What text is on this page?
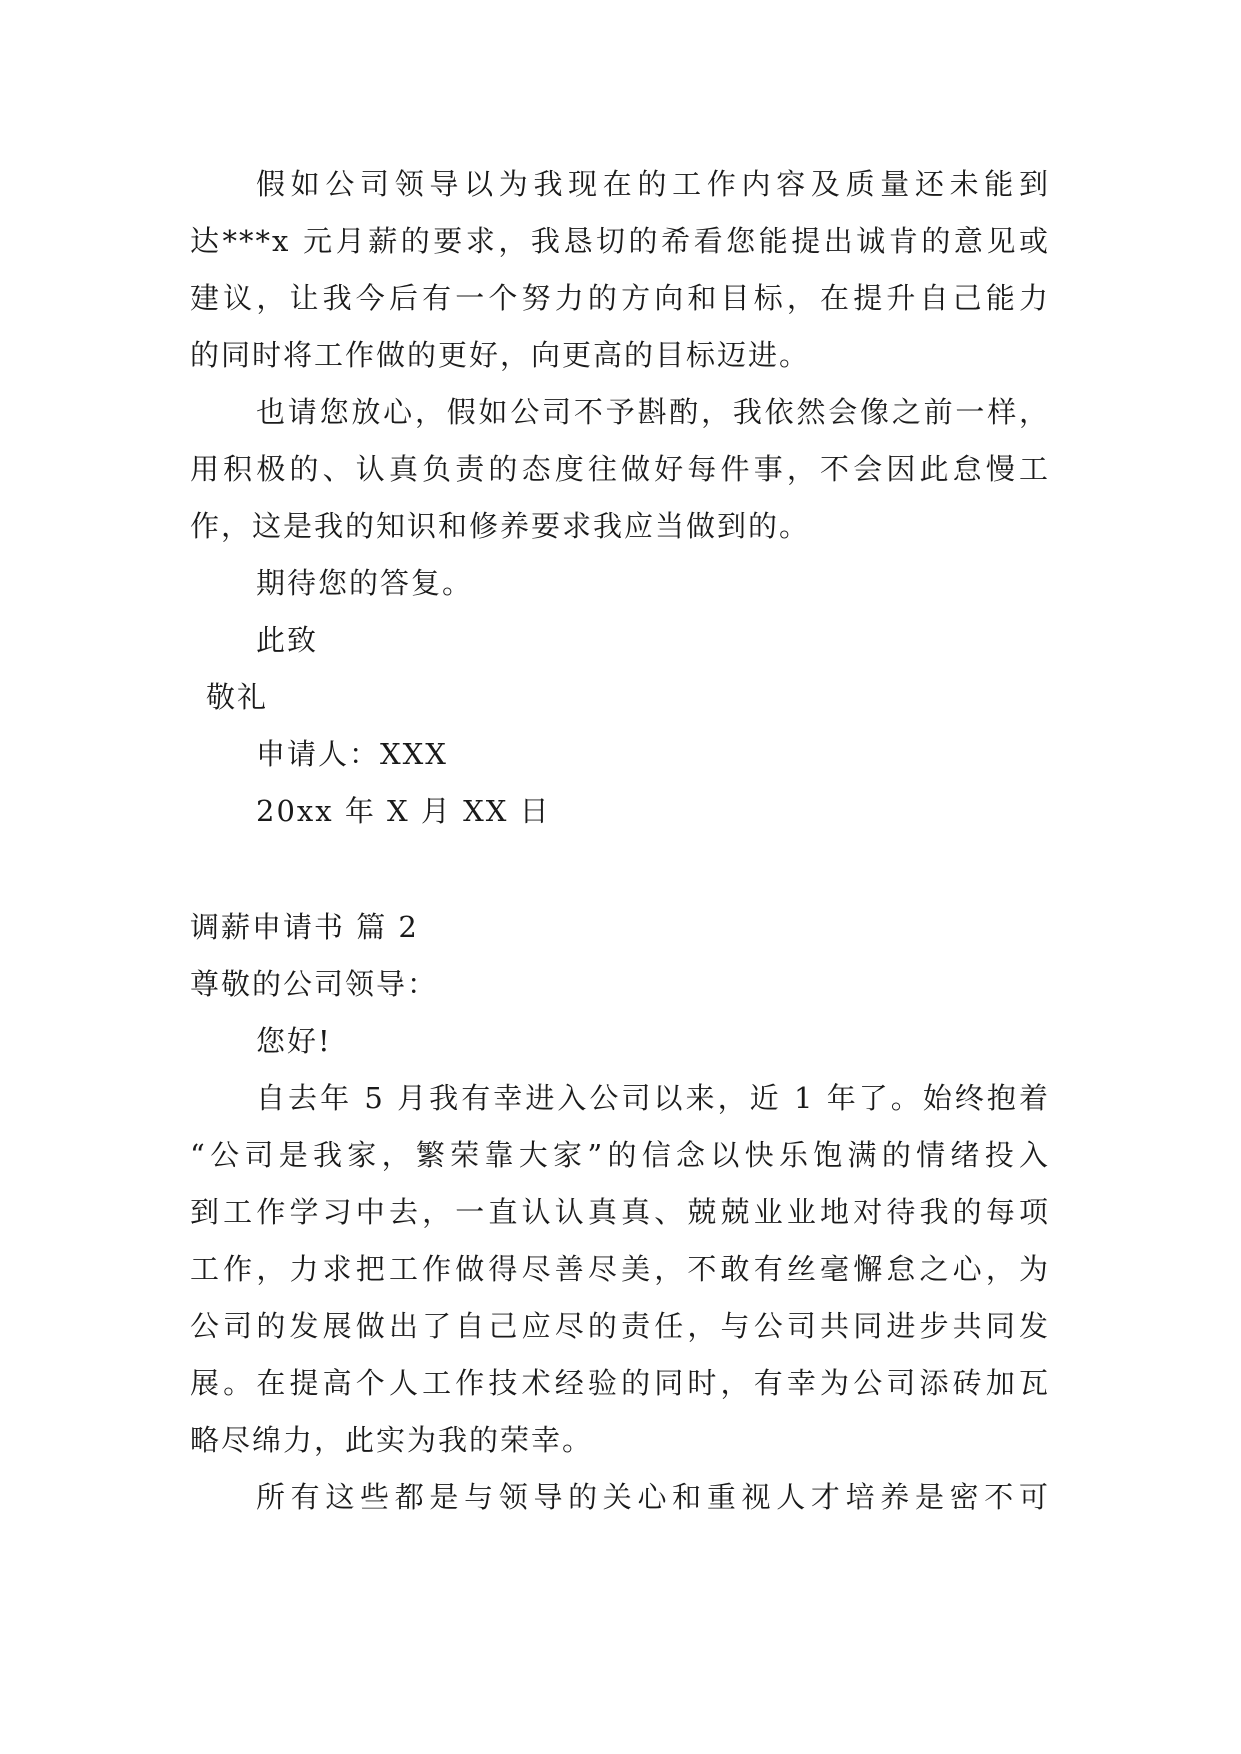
假如公司领导以为我现在的工作内容及质量还未能到
达***x 元月薪的要求，我恳切的希看您能提出诚肯的意见或
建议，让我今后有一个努力的方向和目标，在提升自己能力
的同时将工作做的更好，向更高的目标迈进。
也请您放心，假如公司不予斟酌，我依然会像之前一样，
用积极的、认真负责的态度往做好每件事，不会因此怠慢工
作，这是我的知识和修养要求我应当做到的。
期待您的答复。
此致
敬礼
申请人：XXX
20xx 年 X 月 XX 日
调薪申请书 篇 2
尊敬的公司领导：
您好!
自去年 5 月我有幸进入公司以来，近 1 年了。始终抱着
“公司是我家，繁荣靠大家”的信念以快乐饱满的情绪投入
到工作学习中去，一直认认真真、兢兢业业地对待我的每项
工作，力求把工作做得尽善尽美，不敢有丝毫懈怠之心，为
公司的发展做出了自己应尽的责任，与公司共同进步共同发
展。在提高个人工作技术经验的同时，有幸为公司添砖加瓦
略尽绵力，此实为我的荣幸。
所有这些都是与领导的关心和重视人才培养是密不可
